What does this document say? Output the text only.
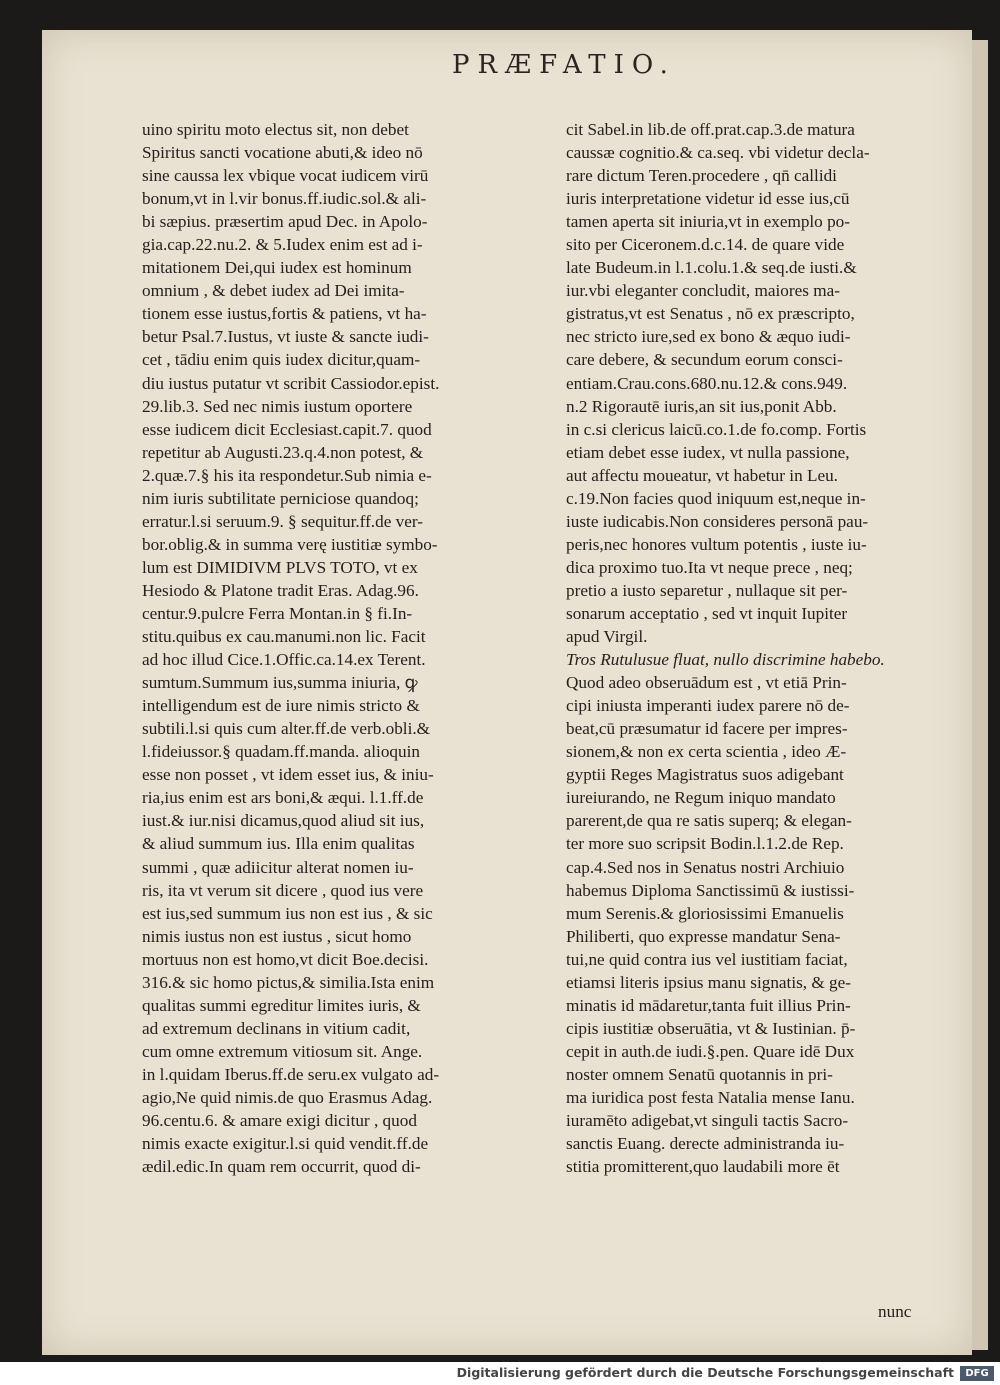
PRÆFATIO.
uino spiritu moto electus sit, non debet
Spiritus sancti vocatione abuti,& ideo nō
sine caussa lex vbique vocat iudicem virū
bonum,vt in l.vir bonus.ff.iudic.sol.& ali-
bi sæpius. præsertim apud Dec. in Apolo-
gia.cap.22.nu.2. & 5.Iudex enim est ad i-
mitationem Dei,qui iudex est hominum
omnium , & debet iudex ad Dei imita-
tionem esse iustus,fortis & patiens, vt ha-
betur Psal.7.Iustus, vt iuste & sancte iudi-
cet , tādiu enim quis iudex dicitur,quam-
diu iustus putatur vt scribit Cassiodor.epist.
29.lib.3. Sed nec nimis iustum oportere
esse iudicem dicit Ecclesiast.capit.7. quod
repetitur ab Augusti.23.q.4.non potest, &
2.quæ.7.§ his ita respondetur.Sub nimia e-
nim iuris subtilitate perniciose quandoq;
erratur.l.si seruum.9. § sequitur.ff.de ver-
bor.oblig.& in summa verę iustitiæ symbo-
lum est DIMIDIVM PLVS TOTO, vt ex
Hesiodo & Platone tradit Eras. Adag.96.
centur.9.pulcre Ferra Montan.in § fi.In-
stitu.quibus ex cau.manumi.non lic. Facit
ad hoc illud Cice.1.Offic.ca.14.ex Terent.
sumtum.Summum ius,summa iniuria, ꝙ
intelligendum est de iure nimis stricto &
subtili.l.si quis cum alter.ff.de verb.obli.&
l.fideiussor.§ quadam.ff.manda. alioquin
esse non posset , vt idem esset ius, & iniu-
ria,ius enim est ars boni,& æqui. l.1.ff.de
iust.& iur.nisi dicamus,quod aliud sit ius,
& aliud summum ius. Illa enim qualitas
summi , quæ adiicitur alterat nomen iu-
ris, ita vt verum sit dicere , quod ius vere
est ius,sed summum ius non est ius , & sic
nimis iustus non est iustus , sicut homo
mortuus non est homo,vt dicit Boe.decisi.
316.& sic homo pictus,& similia.Ista enim
qualitas summi egreditur limites iuris, &
ad extremum declinans in vitium cadit,
cum omne extremum vitiosum sit. Ange.
in l.quidam Iberus.ff.de seru.ex vulgato ad-
agio,Ne quid nimis.de quo Erasmus Adag.
96.centu.6. & amare exigi dicitur , quod
nimis exacte exigitur.l.si quid vendit.ff.de
ædil.edic.In quam rem occurrit, quod di-
cit Sabel.in lib.de off.prat.cap.3.de matura
caussæ cognitio.& ca.seq. vbi videtur decla-
rare dictum Teren.procedere , qn̄ callidi
iuris interpretatione videtur id esse ius,cū
tamen aperta sit iniuria,vt in exemplo po-
sito per Ciceronem.d.c.14. de quare vide
late Budeum.in l.1.colu.1.& seq.de iusti.&
iur.vbi eleganter concludit, maiores ma-
gistratus,vt est Senatus , nō ex præscripto,
nec stricto iure,sed ex bono & æquo iudi-
care debere, & secundum eorum consci-
entiam.Crau.cons.680.nu.12.& cons.949.
n.2 Rigorautē iuris,an sit ius,ponit Abb.
in c.si clericus laicū.co.1.de fo.comp. Fortis
etiam debet esse iudex, vt nulla passione,
aut affectu moueatur, vt habetur in Leu.
c.19.Non facies quod iniquum est,neque in-
iuste iudicabis.Non consideres personā pau-
peris,nec honores vultum potentis , iuste iu-
dica proximo tuo.Ita vt neque prece , neq;
pretio a iusto separetur , nullaque sit per-
sonarum acceptatio , sed vt inquit Iupiter
apud Virgil.
Tros Rutulusue fluat, nullo discrimine habebo.
Quod adeo obseruādum est , vt etiā Prin-
cipi iniusta imperanti iudex parere nō de-
beat,cū præsumatur id facere per impres-
sionem,& non ex certa scientia , ideo Æ-
gyptii Reges Magistratus suos adigebant
iureiurando, ne Regum iniquo mandato
parerent,de qua re satis superq; & elegan-
ter more suo scripsit Bodin.l.1.2.de Rep.
cap.4.Sed nos in Senatus nostri Archiuio
habemus Diploma Sanctissimū & iustissi-
mum Serenis.& gloriosissimi Emanuelis
Philiberti, quo expresse mandatur Sena-
tui,ne quid contra ius vel iustitiam faciat,
etiamsi literis ipsius manu signatis, & ge-
minatis id mādaretur,tanta fuit illius Prin-
cipis iustitiæ obseruātia, vt & Iustinian. p̄-
cepit in auth.de iudi.§.pen. Quare idē Dux
noster omnem Senatū quotannis in pri-
ma iuridica post festa Natalia mense Ianu.
iuramēto adigebat,vt singuli tactis Sacro-
sanctis Euang. derecte administranda iu-
stitia promitterent,quo laudabili more ēt
nunc
Digitalisierung gefördert durch die Deutsche Forschungsgemeinschaft	DFG
